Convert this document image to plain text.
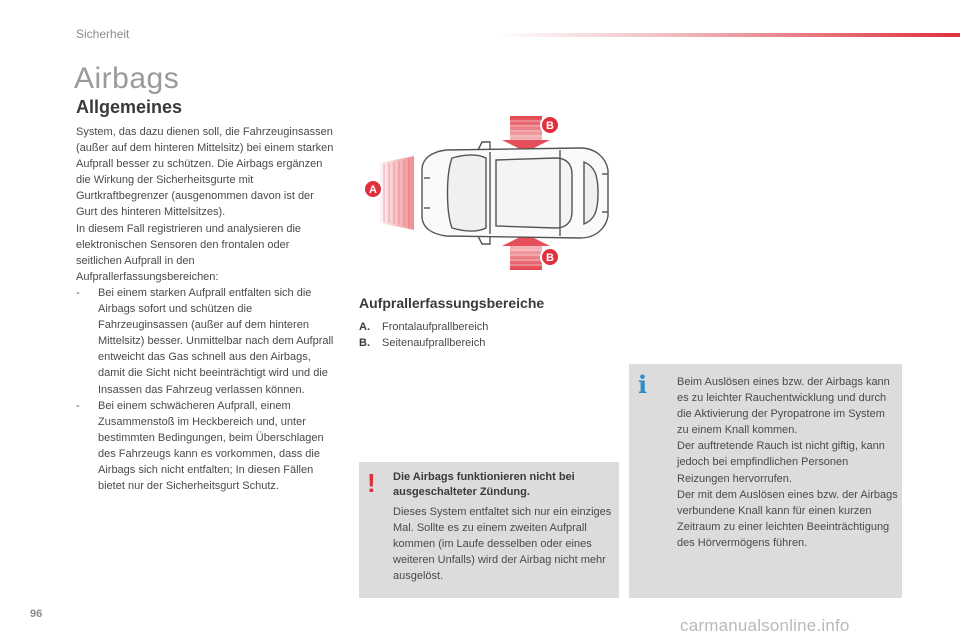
Sicherheit
Airbags
Allgemeines

System, das dazu dienen soll, die Fahrzeuginsassen (außer auf dem hinteren Mittelsitz) bei einem starken Aufprall besser zu schützen. Die Airbags ergänzen die Wirkung der Sicherheitsgurte mit Gurtkraftbegrenzer (ausgenommen davon ist der Gurt des hinteren Mittelsitzes).

In diesem Fall registrieren und analysieren die elektronischen Sensoren den frontalen oder seitlichen Aufprall in den Aufprallerfassungsbereichen:

-	Bei einem starken Aufprall entfalten sich die Airbags sofort und schützen die Fahrzeuginsassen (außer auf dem hinteren Mittelsitz) besser. Unmittelbar nach dem Aufprall entweicht das Gas schnell aus den Airbags, damit die Sicht nicht beeinträchtigt wird und die Insassen das Fahrzeug verlassen können.
-	Bei einem schwächeren Aufprall, einem Zusammenstoß im Heckbereich und, unter bestimmten Bedingungen, beim Überschlagen des Fahrzeugs kann es vorkommen, dass die Airbags sich nicht entfalten; In diesen Fällen bietet nur der Sicherheitsgurt Schutz.
A
B
B
Aufprallerfassungsbereiche
A.	Frontalaufprallbereich
B.	Seitenaufprallbereich
! Die Airbags funktionieren nicht bei ausgeschalteter Zündung.
Dieses System entfaltet sich nur ein einziges Mal. Sollte es zu einem zweiten Aufprall kommen (im Laufe desselben oder eines weiteren Unfalls) wird der Airbag nicht mehr ausgelöst.
i	Beim Auslösen eines bzw. der Airbags kann es zu leichter Rauchentwicklung und durch die Aktivierung der Pyropatrone im System zu einem Knall kommen.

Der auftretende Rauch ist nicht giftig, kann jedoch bei empfindlichen Personen Reizungen hervorrufen.

Der mit dem Auslösen eines bzw. der Airbags verbundene Knall kann für einen kurzen Zeitraum zu einer leichten Beeinträchtigung des Hörvermögens führen.

96
carmanualsonline.info
